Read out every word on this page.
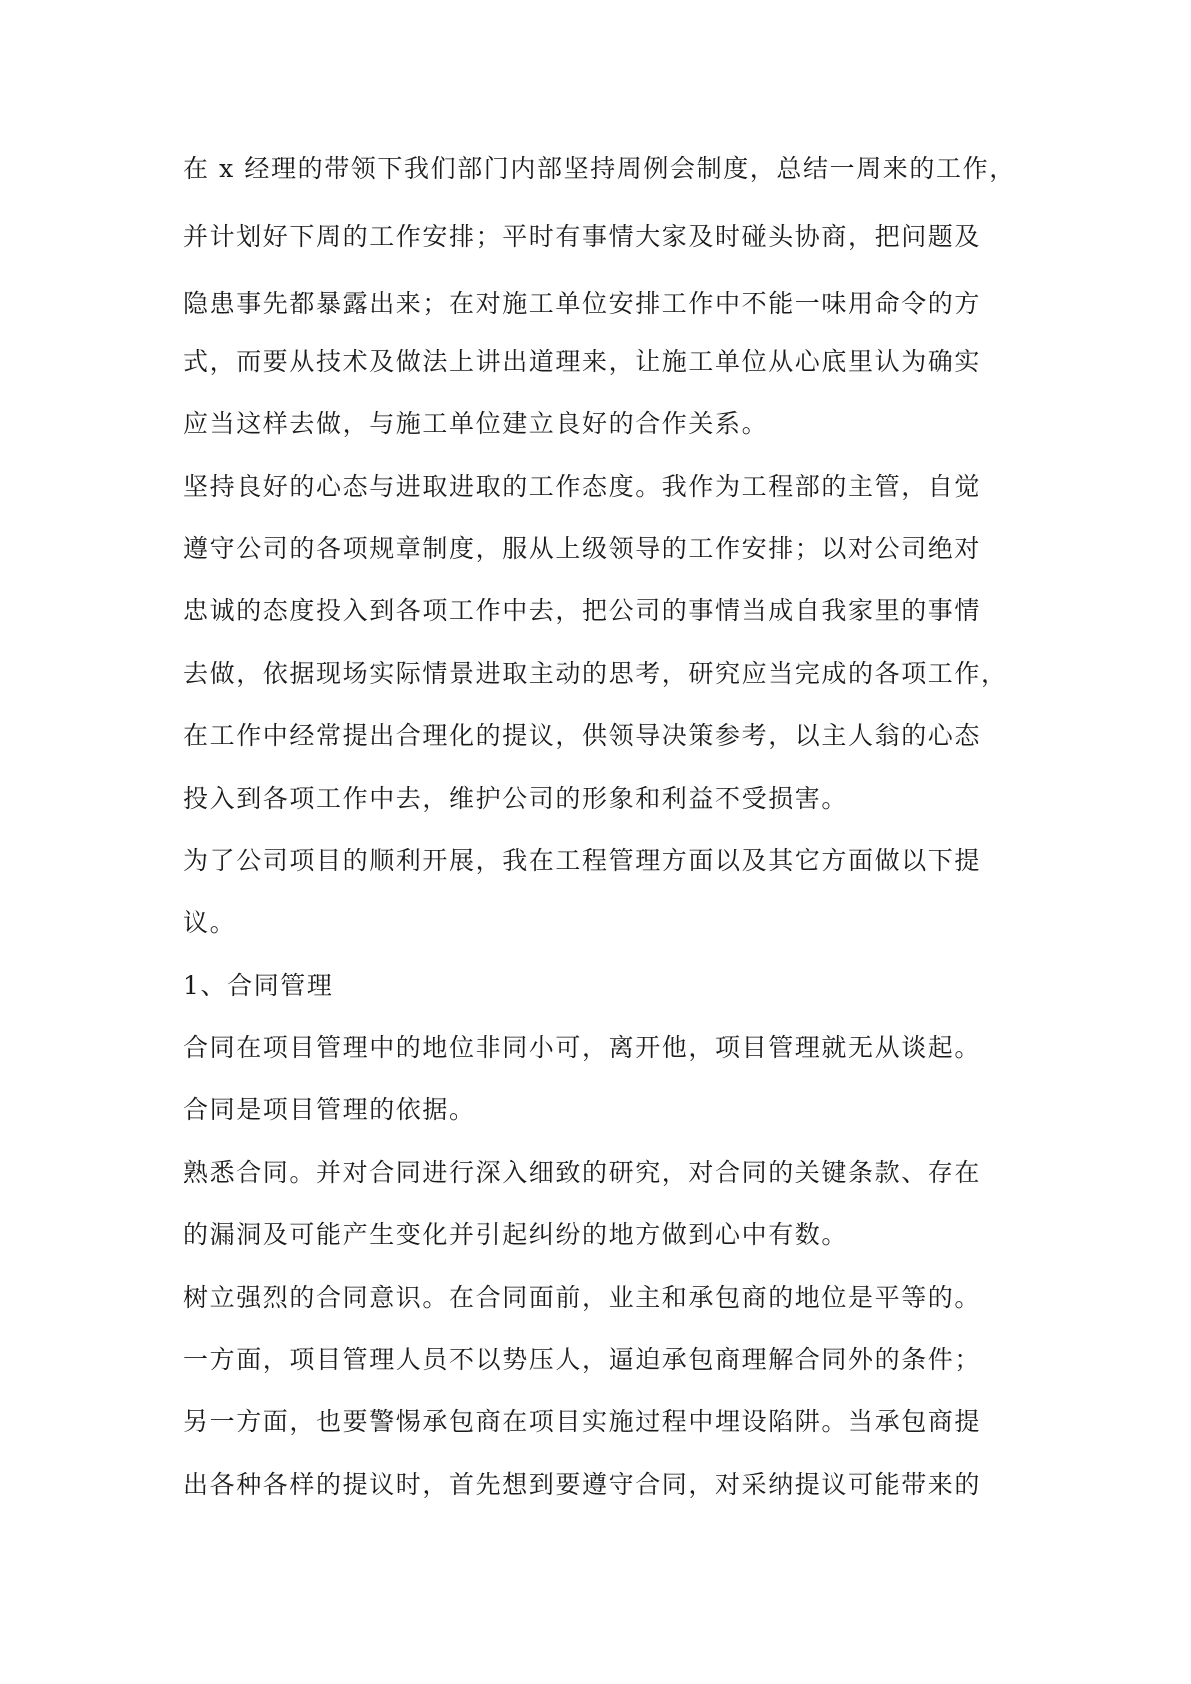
在 x 经理的带领下我们部门内部坚持周例会制度，总结一周来的工作，

并计划好下周的工作安排；平时有事情大家及时碰头协商，把问题及

隐患事先都暴露出来；在对施工单位安排工作中不能一味用命令的方

式，而要从技术及做法上讲出道理来，让施工单位从心底里认为确实

应当这样去做，与施工单位建立良好的合作关系。

坚持良好的心态与进取进取的工作态度。我作为工程部的主管，自觉

遵守公司的各项规章制度，服从上级领导的工作安排；以对公司绝对

忠诚的态度投入到各项工作中去，把公司的事情当成自我家里的事情

去做，依据现场实际情景进取主动的思考，研究应当完成的各项工作，

在工作中经常提出合理化的提议，供领导决策参考，以主人翁的心态

投入到各项工作中去，维护公司的形象和利益不受损害。

为了公司项目的顺利开展，我在工程管理方面以及其它方面做以下提

议。

1、合同管理

合同在项目管理中的地位非同小可，离开他，项目管理就无从谈起。

合同是项目管理的依据。

熟悉合同。并对合同进行深入细致的研究，对合同的关键条款、存在

的漏洞及可能产生变化并引起纠纷的地方做到心中有数。

树立强烈的合同意识。在合同面前，业主和承包商的地位是平等的。

一方面，项目管理人员不以势压人，逼迫承包商理解合同外的条件；

另一方面，也要警惕承包商在项目实施过程中埋设陷阱。当承包商提

出各种各样的提议时，首先想到要遵守合同，对采纳提议可能带来的
